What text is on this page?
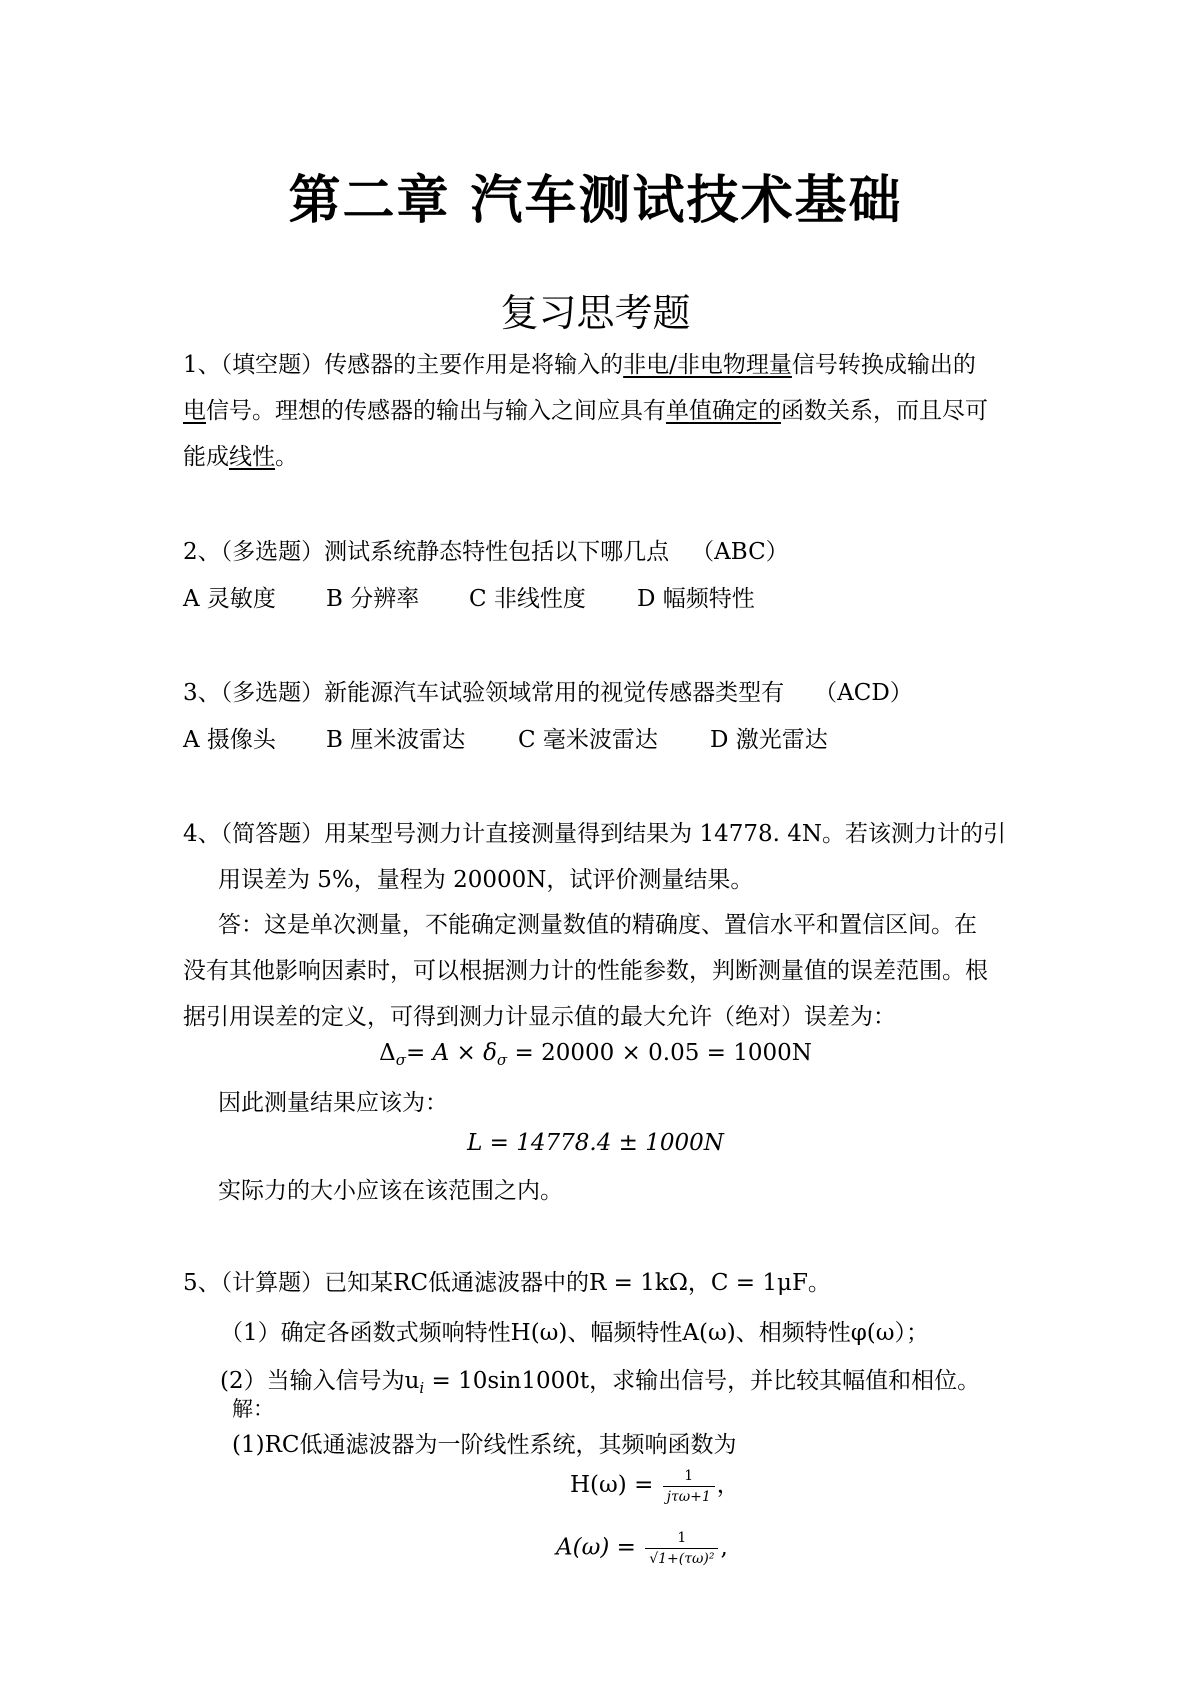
第二章 汽车测试技术基础
复习思考题
1、（填空题）传感器的主要作用是将输入的非电/非电物理量信号转换成输出的
电信号。理想的传感器的输出与输入之间应具有单值确定的函数关系，而且尽可
能成线性。
2、（多选题）测试系统静态特性包括以下哪几点 （ABC）
A 灵敏度 B 分辨率 C 非线性度 D 幅频特性
3、（多选题）新能源汽车试验领域常用的视觉传感器类型有 （ACD）
A 摄像头 B 厘米波雷达 C 毫米波雷达 D 激光雷达
4、（简答题）用某型号测力计直接测量得到结果为 14778. 4N。若该测力计的引
用误差为 5%，量程为 20000N，试评价测量结果。
答：这是单次测量，不能确定测量数值的精确度、置信水平和置信区间。在
没有其他影响因素时，可以根据测力计的性能参数，判断测量值的误差范围。根
据引用误差的定义，可得到测力计显示值的最大允许（绝对）误差为：
$\Delta_\sigma= A \times \delta_\sigma = 20000 \times 0.05 = 1000N$
因此测量结果应该为：
L = 14778.4 ± 1000N
实际力的大小应该在该范围之内。
5、（计算题）已知某RC低通滤波器中的R = 1kΩ，C = 1μF。
（1）确定各函数式频响特性H(ω)、幅频特性A(ω)、相频特性φ(ω）；
(2）当输入信号为$u_i = 10\sin 1000t$，求输出信号，并比较其幅值和相位。
解：
(1)RC低通滤波器为一阶线性系统，其频响函数为
$H(\omega) = \frac{1}{\text{jτω+1}}$ ，
$A(\omega) = \frac{1}{\text{√1+(τω)²}}$ ,
